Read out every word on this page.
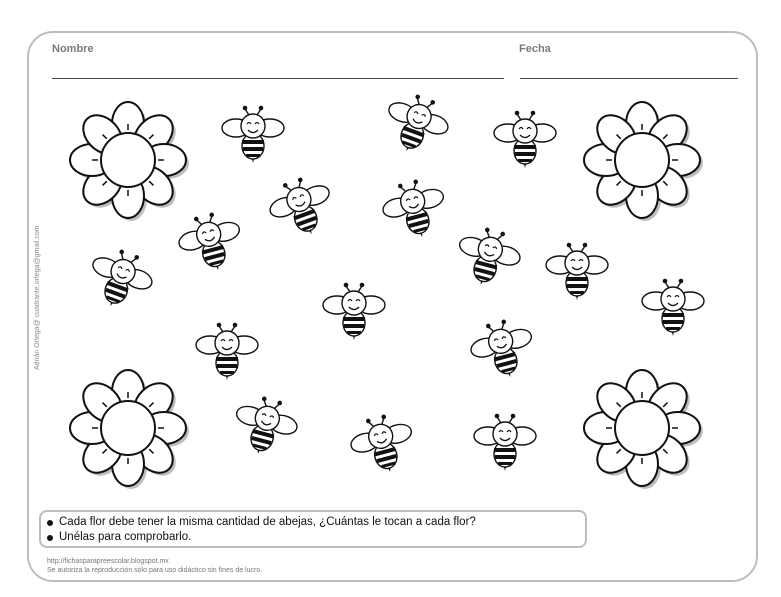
Nombre	Fecha
Adrián Ortega@ cuadrante.ortega@gmail.com
Cada flor debe tener la misma cantidad de abejas, ¿Cuántas le tocan a cada flor?
Unélas para comprobarlo.
http://fichasparapreescolar.blogspot.mx
Se autoriza la reproducción sólo para uso didáctico sin fines de lucro.
